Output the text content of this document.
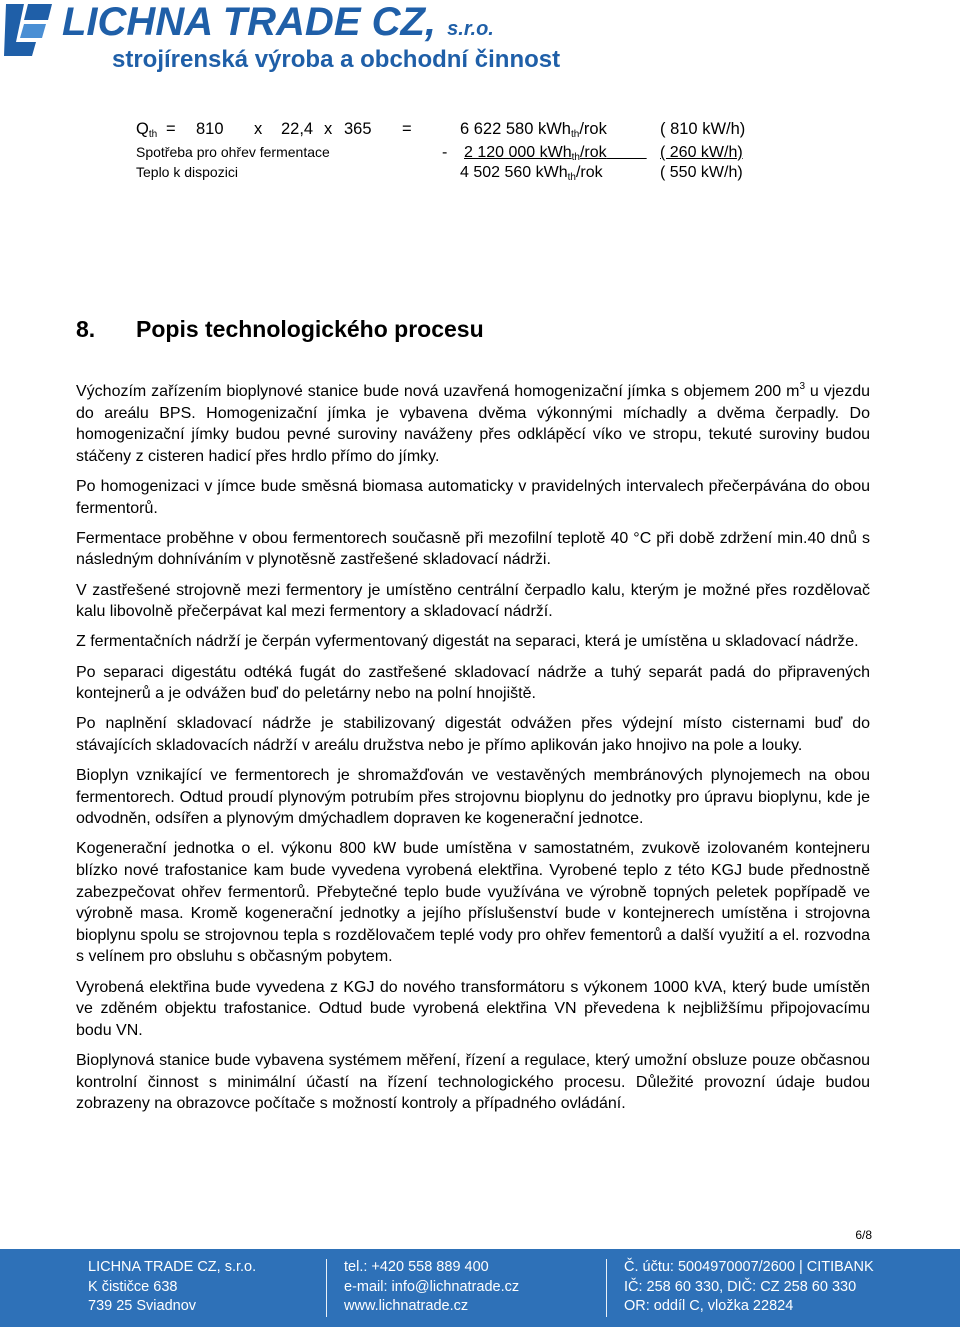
LICHNA TRADE CZ, s.r.o.
strojírenská výroba a obchodní činnost
$Q_{th} = 810$ x 22,4 x 365 =	6 622 580 kWh$_{th}$/rok	( 810 kW/h)
Spotřeba pro ohřev fermentace	- 2 120 000 kWh$_{th}$/rok	( 260 kW/h)
Teplo k dispozici	4 502 560 kWh$_{th}$/rok	( 550 kW/h)
8. Popis technologického procesu

Výchozím zařízením bioplynové stanice bude nová uzavřená homogenizační jímka s objemem 200 $m^3$ u vjezdu do areálu BPS. Homogenizační jímka je vybavena dvěma výkonnými míchadly a dvěma čerpadly. Do homogenizační jímky budou pevné suroviny naváženy přes odklápěcí víko ve stropu, tekuté suroviny budou stáčeny z cisteren hadicí přes hrdlo přímo do jímky.

Po homogenizaci v jímce bude směsná biomasa automaticky v pravidelných intervalech přečerpávána do obou fermentorů.

Fermentace proběhne v obou fermentorech současně při mezofilní teplotě 40 °C při době zdržení min.40 dnů s následným dohníváním v plynotěsně zastřešené skladovací nádrži.

V zastřešené strojovně mezi fermentory je umístěno centrální čerpadlo kalu, kterým je možné přes rozdělovač kalu libovolně přečerpávat kal mezi fermentory a skladovací nádrží.

Z fermentačních nádrží je čerpán vyfermentovaný digestát na separaci, která je umístěna u skladovací nádrže.

Po separaci digestátu odtéká fugát do zastřešené skladovací nádrže a tuhý separát padá do připravených kontejnerů a je odvážen buď do peletárny nebo na polní hnojiště.

Po naplnění skladovací nádrže je stabilizovaný digestát odvážen přes výdejní místo cisternami buď do stávajících skladovacích nádrží v areálu družstva nebo je přímo aplikován jako hnojivo na pole a louky.

Bioplyn vznikající ve fermentorech je shromažďován ve vestavěných membránových plynojemech na obou fermentorech. Odtud proudí plynovým potrubím přes strojovnu bioplynu do jednotky pro úpravu bioplynu, kde je odvodněn, odsířen a plynovým dmýchadlem dopraven ke kogenerační jednotce.

Kogenerační jednotka o el. výkonu 800 kW bude umístěna v samostatném, zvukově izolovaném kontejneru blízko nové trafostanice kam bude vyvedena vyrobená elektřina. Vyrobené teplo z této KGJ bude přednostně zabezpečovat ohřev fermentorů. Přebytečné teplo bude využívána ve výrobně topných peletek popřípadě ve výrobně masa. Kromě kogenerační jednotky a jejího příslušenství bude v kontejnerech umístěna i strojovna bioplynu spolu se strojovnou tepla s rozdělovačem teplé vody pro ohřev fementorů a další využití a el. rozvodna s velínem pro obsluhu s občasným pobytem.

Vyrobená elektřina bude vyvedena z KGJ do nového transformátoru s výkonem 1000 kVA, který bude umístěn ve zděném objektu trafostanice. Odtud bude vyrobená elektřina VN převedena k nejbližšímu připojovacímu bodu VN.

Bioplynová stanice bude vybavena systémem měření, řízení a regulace, který umožní obsluze pouze občasnou kontrolní činnost s minimální účastí na řízení technologického procesu. Důležité provozní údaje budou zobrazeny na obrazovce počítače s možností kontroly a případného ovládání.

6/8
LICHNA TRADE CZ, s.r.o.
K čističce 638
739 25 Sviadnov
tel.: +420 558 889 400
e-mail: info@lichnatrade.cz
www.lichnatrade.cz
Č. účtu: 5004970007/2600 | CITIBANK
IČ: 258 60 330, DIČ: CZ 258 60 330
OR: oddíl C, vložka 22824
